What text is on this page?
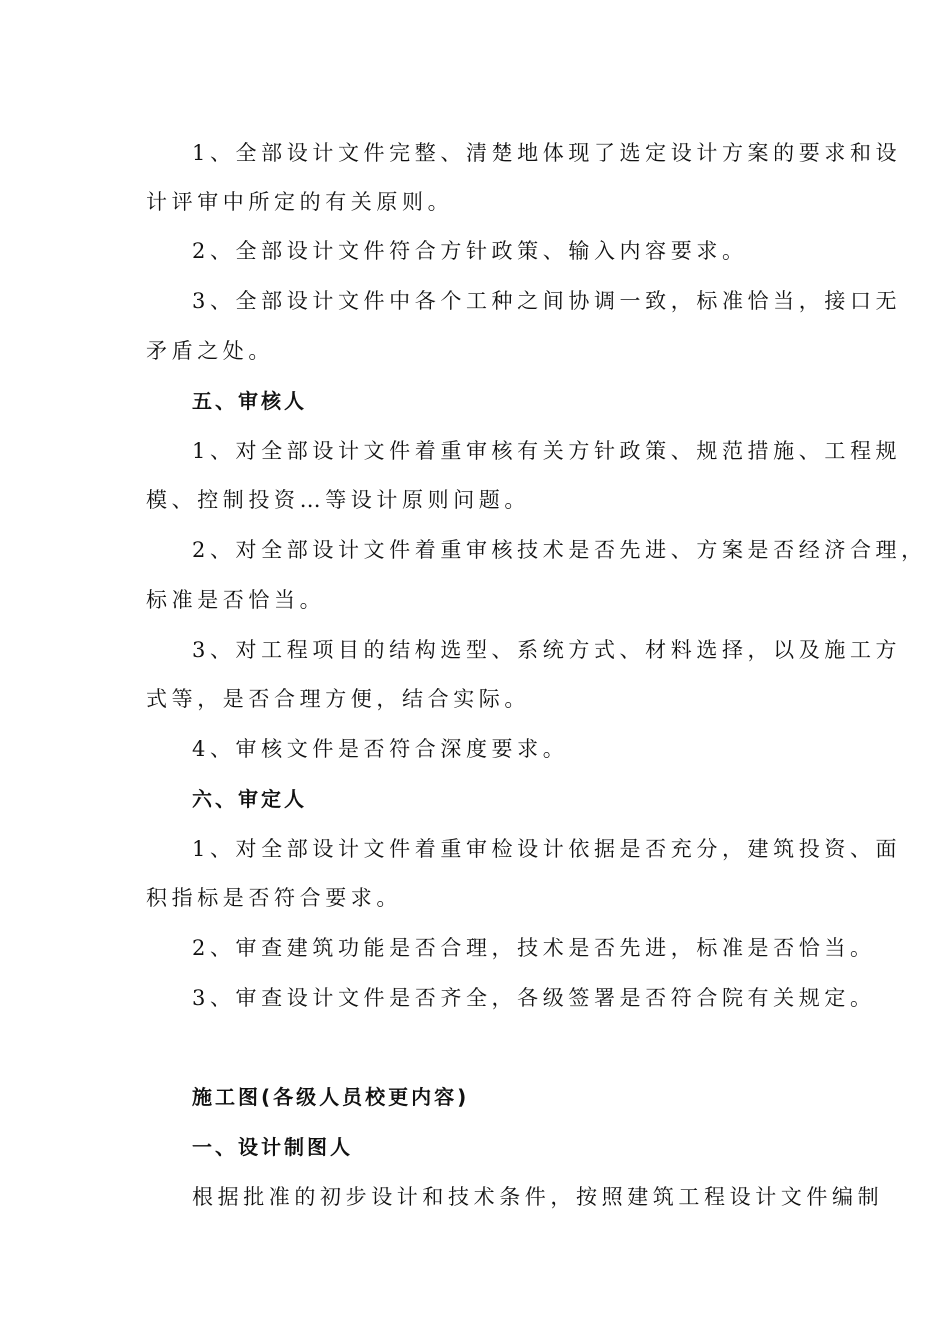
1、全部设计文件完整、清楚地体现了选定设计方案的要求和设
计评审中所定的有关原则。
2、全部设计文件符合方针政策、输入内容要求。
3、全部设计文件中各个工种之间协调一致，标准恰当，接口无
矛盾之处。
五、审核人
1、对全部设计文件着重审核有关方针政策、规范措施、工程规
模、控制投资…等设计原则问题。
2、对全部设计文件着重审核技术是否先进、方案是否经济合理，
标准是否恰当。
3、对工程项目的结构选型、系统方式、材料选择，以及施工方
式等，是否合理方便，结合实际。
4、审核文件是否符合深度要求。
六、审定人
1、对全部设计文件着重审检设计依据是否充分，建筑投资、面
积指标是否符合要求。
2、审查建筑功能是否合理，技术是否先进，标准是否恰当。
3、审查设计文件是否齐全，各级签署是否符合院有关规定。
施工图(各级人员校更内容)
一、设计制图人
根据批准的初步设计和技术条件，按照建筑工程设计文件编制
